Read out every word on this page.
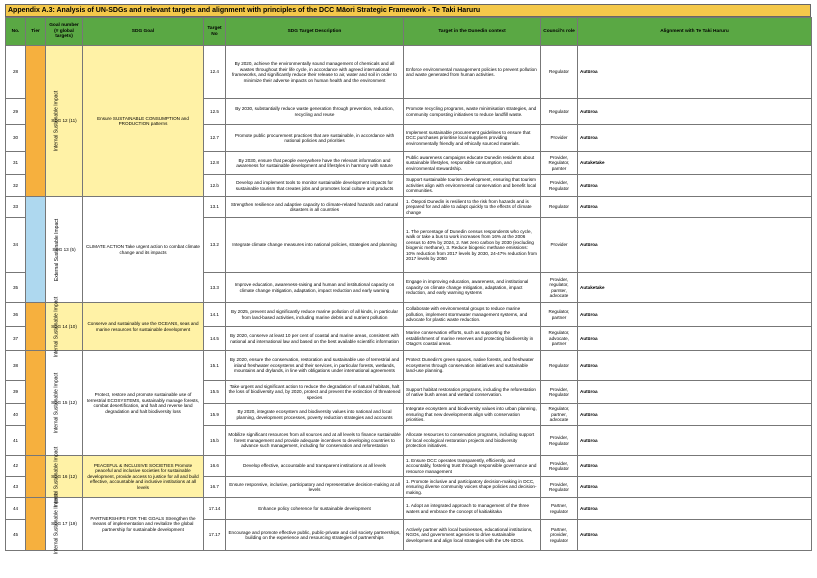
Appendix A.3: Analysis of UN-SDGs and relevant targets and alignment with principles of the DCC Māori Strategic Framework - Te Taki Haruru
No.	Tier	Goal number (# global targets)	SDG Goal	Target No	SDG Target Description	Target in the Dunedin context	Council's role	Alignment with Te Taki Haruru
28	Internal Sustainable Impact	SDG 12 (11)	Ensure SUSTAINABLE CONSUMPTION and PRODUCTION patterns	12.4	By 2020, achieve the environmentally sound management of chemicals and all wastes throughout their life cycle, in accordance with agreed international frameworks, and significantly reduce their release to air, water and soil in order to minimize their adverse impacts on human health and the environment	Enforce environmental management policies to prevent pollution and waste generated from human activities.	Regulator	Autūroa
29				12.5	By 2030, substantially reduce waste generation through prevention, reduction, recycling and reuse	Promote recycling programs, waste minimisation strategies, and community composting initiatives to reduce landfill waste.	Regulator	Autūroa
30				12.7	Promote public procurement practices that are sustainable, in accordance with national policies and priorities	Implement sustainable procurement guidelines to ensure that DCC purchases prioritise local suppliers providing environmentally friendly and ethically sourced materials.	Provider	Autūroa
31				12.8	By 2030, ensure that people everywhere have the relevant information and awareness for sustainable development and lifestyles in harmony with nature	Public awareness campaigns educate Dunedin residents about sustainable lifestyles, responsible consumption, and environmental stewardship.	Provider, Regulator, parnter	Autaketake
32				12.b	Develop and implement tools to monitor sustainable development impacts for sustainable tourism that creates jobs and promotes local culture and products	Support sustainable tourism development, ensuring that tourism activities align with environmental conservation and benefit local communities.	Provider, Regulator	Autūroa
33	External Sustainable Impact	SDG 13 (5)	CLIMATE ACTION Take urgent action to combat climate change and its impacts	13.1	Strengthen resilience and adaptive capacity to climate-related hazards and natural disasters in all countries	1. Ōtepoti Dunedin is resilient to the risk from hazards and is prepared for and able to adapt quickly to the effects of climate change	Regulator	Autūroa
34				13.2	Integrate climate change measures into national policies, strategies and planning	1. The percentage of Dunedin census respondents who cycle, walk or take a bus to work increases from 16% at the 2006 census to 40% by 2024, 2. Net zero carbon by 2030 (excluding biogenic methane), 3. Reduce biogenic methane emissions: 10% reduction from 2017 levels by 2030, 24-47% reduction from 2017 levels by 2050	Provider	Autūroa
35				13.3	Improve education, awareness-raising and human and institutional capacity on climate change mitigation, adaptation, impact reduction and early warning	Engage in improving education, awareness, and institutional capacity on climate change mitigation, adaptation, impact reduction, and early warning systems	Provider, regulator, parnter, advocate	Autaketake
36	Internal Sustainable Impact	SDG 14 (10)	Conserve and sustainably use the OCEANS, seas and marine resources for sustainable development	14.1	By 2025, prevent and significantly reduce marine pollution of all kinds, in particular from land-based activities, including marine debris and nutrient pollution	Collaborate with environmental groups to reduce marine pollution, implement stormwater management systems, and advocate for plastic waste reduction.	Regulator, partner	Autūroa
37				14.5	By 2020, conserve at least 10 per cent of coastal and marine areas, consistent with national and international law and based on the best available scientific information	Marine conservation efforts, such as supporting the establishment of marine reserves and protecting biodiversity in Otago's coastal areas.	Regulator, advocate, partner	Autūroa
38	Internal Sustainable Impact	SDG 15 (12)	Protect, restore and promote sustainable use of terrestrial ECOSYSTEMS, sustainably manage forests, combat desertification, and halt and reverse land degradation and halt biodiversity loss	15.1	By 2020, ensure the conservation, restoration and sustainable use of terrestrial and inland freshwater ecosystems and their services, in particular forests, wetlands, mountains and drylands, in line with obligations under international agreements	Protect Dunedin's green spaces, native forests, and freshwater ecosystems through conservation initiatives and sustainable land-use planning.	Regulator	Autūroa
39				15.5	Take urgent and significant action to reduce the degradation of natural habitats, halt the loss of biodiversity and, by 2020, protect and prevent the extinction of threatened species	Support habitat restoration programs, including the reforestation of native bush areas and wetland conservation.	Provider, Regulator	Autūroa
40				15.9	By 2020, integrate ecosystem and biodiversity values into national and local planning, development processes, poverty reduction strategies and accounts	Integrate ecosystem and biodiversity values into urban planning, ensuring that new developments align with conservation priorities.	Regulator, partner, advocate	Autūroa
41				15.b	Mobilize significant resources from all sources and at all levels to finance sustainable forest management and provide adequate incentives to developing countries to advance such management, including for conservation and reforestation	Allocate resources to conservation programs, including support for local ecological restoration projects and biodiversity protection initiatives.	Provider, Regulator	Autūroa
42	Internal Sustainable Impact	SDG 16 (12)	PEACEFUL & INCLUSIVE SOCIETIES Promote peaceful and inclusive societies for sustainable development, provide access to justice for all and build effective, accountable and inclusive institutions at all levels	16.6	Develop effective, accountable and transparent institutions at all levels	1. Ensure DCC operates transparently, efficiently, and accountably, fostering trust through responsible governance and resource management	Provider, Regulator	Autūroa
43				16.7	Ensure responsive, inclusive, participatory and representative decision-making at all levels	1. Promote inclusive and participatory decision-making in DCC, ensuring diverse community voices shape policies and decision-making.	Provider, Regulator	Autūroa
44	Internal Sustainable Impact	SDG 17 (19)	PARTNERSHIPS FOR THE GOALS Strengthen the means of implementation and revitalize the global partnership for sustainable development	17.14	Enhance policy coherence for sustainable development	1. Adopt an integrated approach to management of the three waters and embrace the concept of kaitiakitaka	Partner, regulator	Autūroa
45				17.17	Encourage and promote effective public, public-private and civil society partnerships, building on the experience and resourcing strategies of partnerships	Actively partner with local businesses, educational institutions, NGOs, and government agencies to drive sustainable development and align local strategies with the UN-SDGs.	Partner, provider, regulator	Autūroa
